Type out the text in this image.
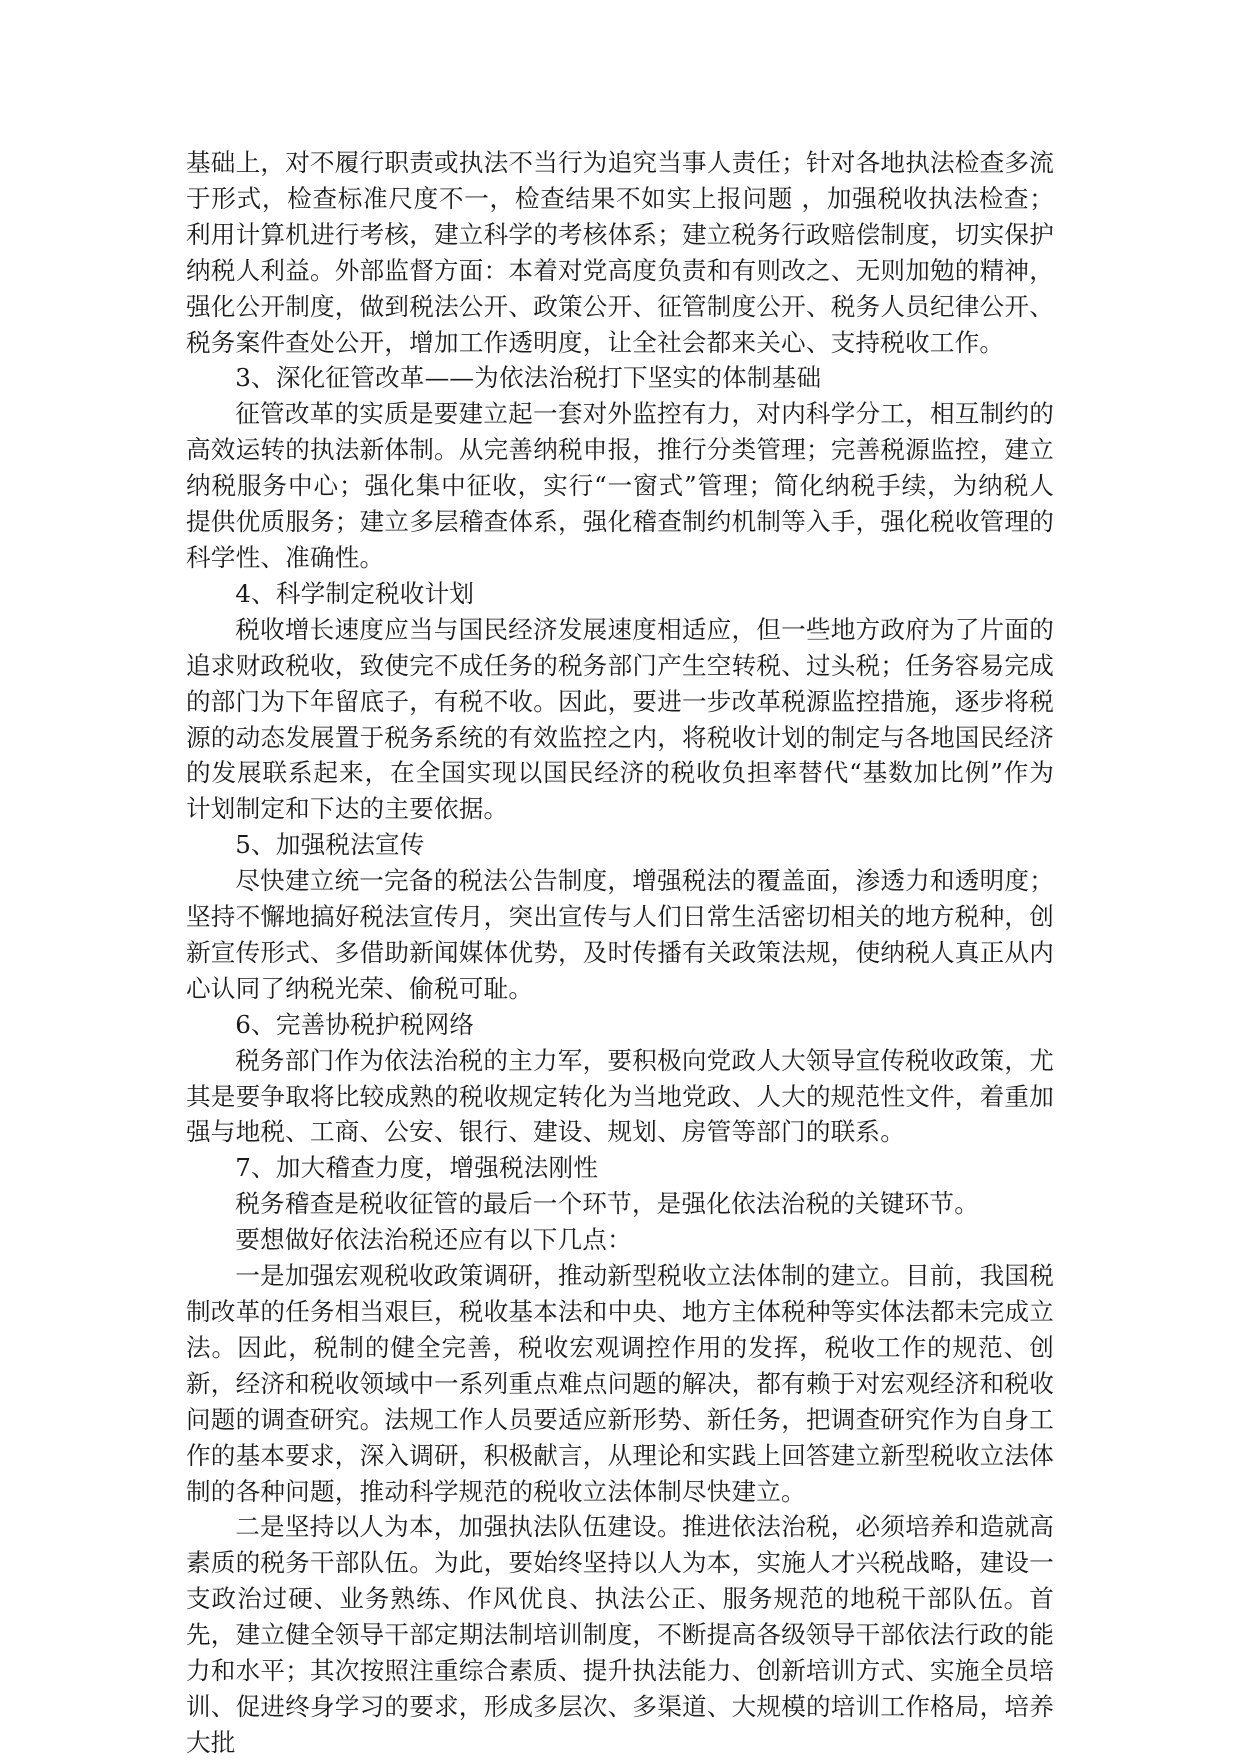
基础上，对不履行职责或执法不当行为追究当事人责任；针对各地执法检查多流于形式，检查标准尺度不一，检查结果不如实上报问题 ，加强税收执法检查；利用计算机进行考核，建立科学的考核体系；建立税务行政赔偿制度，切实保护纳税人利益。外部监督方面：本着对党高度负责和有则改之、无则加勉的精神，强化公开制度，做到税法公开、政策公开、征管制度公开、税务人员纪律公开、税务案件查处公开，增加工作透明度，让全社会都来关心、支持税收工作。

3、深化征管改革——为依法治税打下坚实的体制基础

征管改革的实质是要建立起一套对外监控有力，对内科学分工，相互制约的高效运转的执法新体制。从完善纳税申报，推行分类管理；完善税源监控，建立纳税服务中心；强化集中征收，实行“一窗式”管理；简化纳税手续，为纳税人提供优质服务；建立多层稽查体系，强化稽查制约机制等入手，强化税收管理的科学性、准确性。

4、科学制定税收计划

税收增长速度应当与国民经济发展速度相适应，但一些地方政府为了片面的追求财政税收，致使完不成任务的税务部门产生空转税、过头税；任务容易完成的部门为下年留底子，有税不收。因此，要进一步改革税源监控措施，逐步将税源的动态发展置于税务系统的有效监控之内，将税收计划的制定与各地国民经济的发展联系起来，在全国实现以国民经济的税收负担率替代“基数加比例”作为计划制定和下达的主要依据。

5、加强税法宣传

尽快建立统一完备的税法公告制度，增强税法的覆盖面，渗透力和透明度；坚持不懈地搞好税法宣传月，突出宣传与人们日常生活密切相关的地方税种，创新宣传形式、多借助新闻媒体优势，及时传播有关政策法规，使纳税人真正从内心认同了纳税光荣、偷税可耻。

6、完善协税护税网络

税务部门作为依法治税的主力军，要积极向党政人大领导宣传税收政策，尤其是要争取将比较成熟的税收规定转化为当地党政、人大的规范性文件，着重加强与地税、工商、公安、银行、建设、规划、房管等部门的联系。

7、加大稽查力度，增强税法刚性

税务稽查是税收征管的最后一个环节，是强化依法治税的关键环节。

要想做好依法治税还应有以下几点：

一是加强宏观税收政策调研，推动新型税收立法体制的建立。目前，我国税制改革的任务相当艰巨，税收基本法和中央、地方主体税种等实体法都未完成立法。因此，税制的健全完善，税收宏观调控作用的发挥，税收工作的规范、创新，经济和税收领域中一系列重点难点问题的解决，都有赖于对宏观经济和税收问题的调查研究。法规工作人员要适应新形势、新任务，把调查研究作为自身工作的基本要求，深入调研，积极献言，从理论和实践上回答建立新型税收立法体制的各种问题，推动科学规范的税收立法体制尽快建立。

二是坚持以人为本，加强执法队伍建设。推进依法治税，必须培养和造就高素质的税务干部队伍。为此，要始终坚持以人为本，实施人才兴税战略，建设一支政治过硬、业务熟练、作风优良、执法公正、服务规范的地税干部队伍。首先，建立健全领导干部定期法制培训制度，不断提高各级领导干部依法行政的能力和水平；其次按照注重综合素质、提升执法能力、创新培训方式、实施全员培训、促进终身学习的要求，形成多层次、多渠道、大规模的培训工作格局，培养大批
